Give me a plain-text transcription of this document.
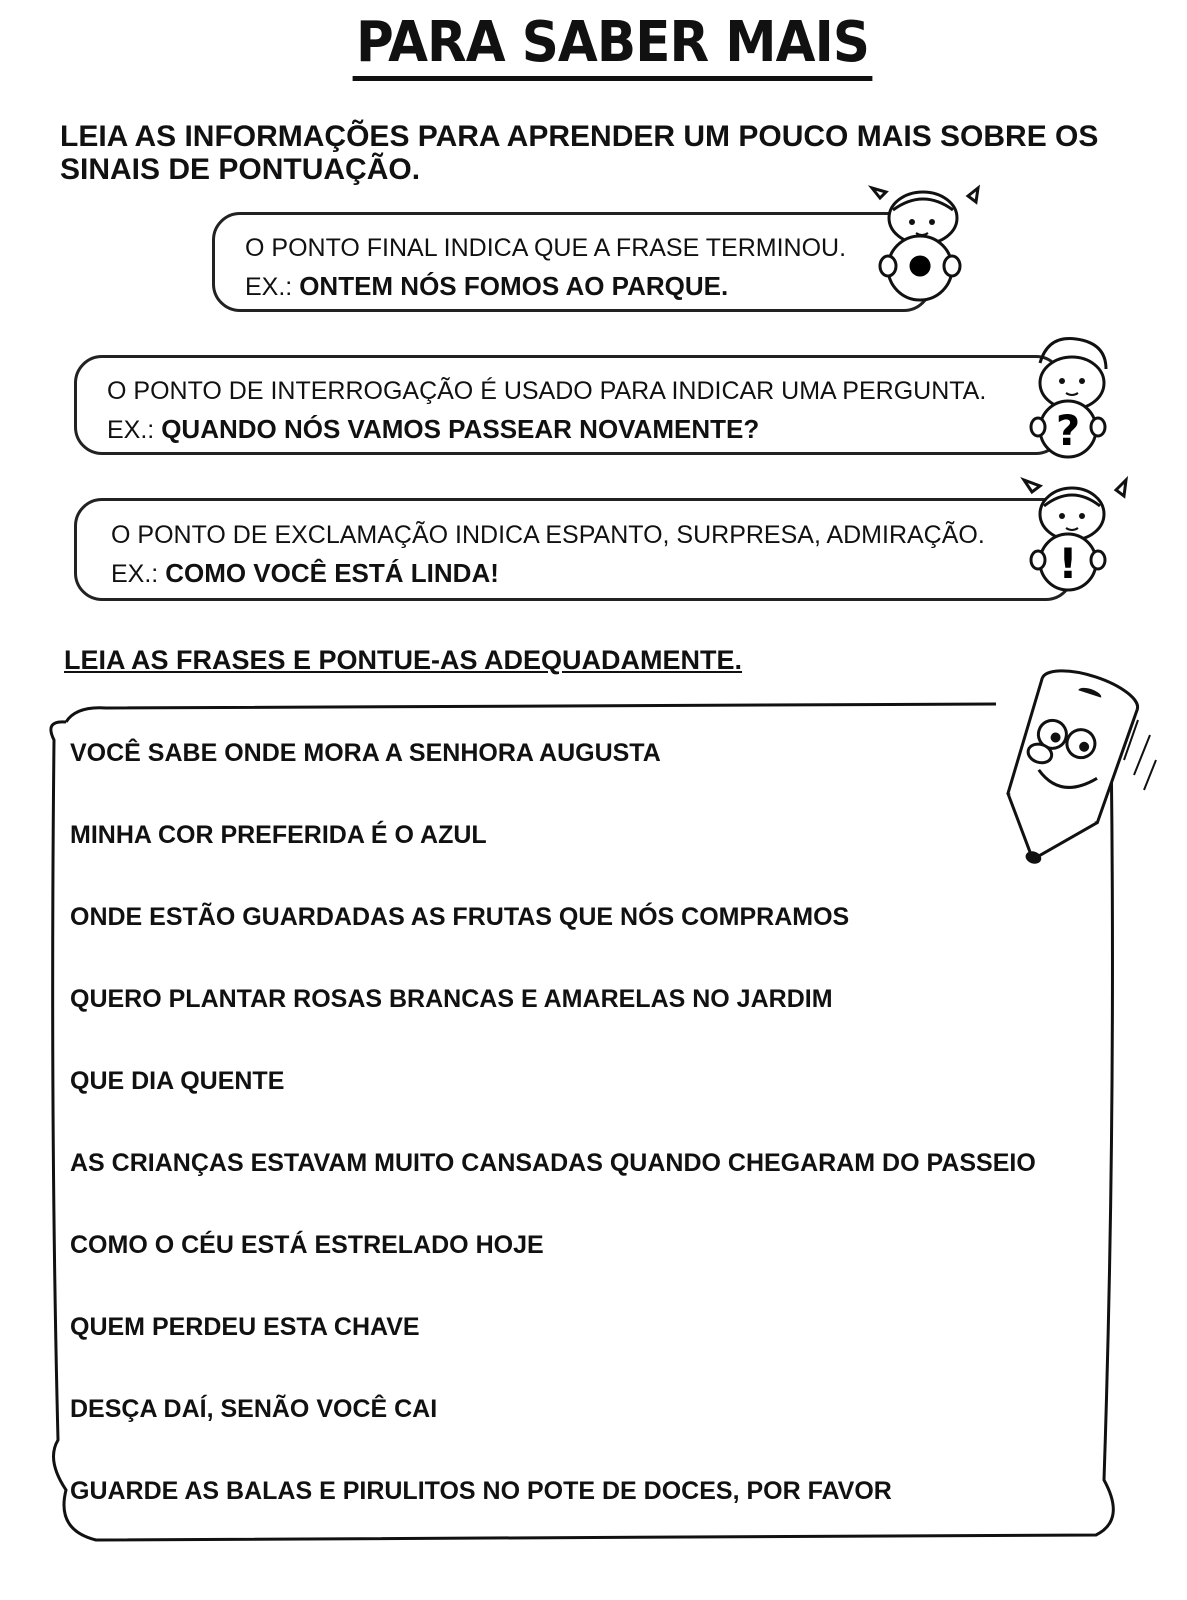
PARA SABER MAIS
LEIA AS INFORMAÇÕES PARA APRENDER UM POUCO MAIS SOBRE OS SINAIS DE PONTUAÇÃO.
O PONTO FINAL INDICA QUE A FRASE TERMINOU.
EX.: ONTEM NÓS FOMOS AO PARQUE.	•
O PONTO DE INTERROGAÇÃO É USADO PARA INDICAR UMA PERGUNTA.
EX.: QUANDO NÓS VAMOS PASSEAR NOVAMENTE?	?
O PONTO DE EXCLAMAÇÃO INDICA ESPANTO, SURPRESA, ADMIRAÇÃO.
EX.: COMO VOCÊ ESTÁ LINDA!	!
LEIA AS FRASES E PONTUE-AS ADEQUADAMENTE.
VOCÊ SABE ONDE MORA A SENHORA AUGUSTA
MINHA COR PREFERIDA É O AZUL
ONDE ESTÃO GUARDADAS AS FRUTAS QUE NÓS COMPRAMOS
QUERO PLANTAR ROSAS BRANCAS E AMARELAS NO JARDIM
QUE DIA QUENTE
AS CRIANÇAS ESTAVAM MUITO CANSADAS QUANDO CHEGARAM DO PASSEIO
COMO O CÉU ESTÁ ESTRELADO HOJE
QUEM PERDEU ESTA CHAVE
DESÇA DAÍ, SENÃO VOCÊ CAI
GUARDE AS BALAS E PIRULITOS NO POTE DE DOCES, POR FAVOR
